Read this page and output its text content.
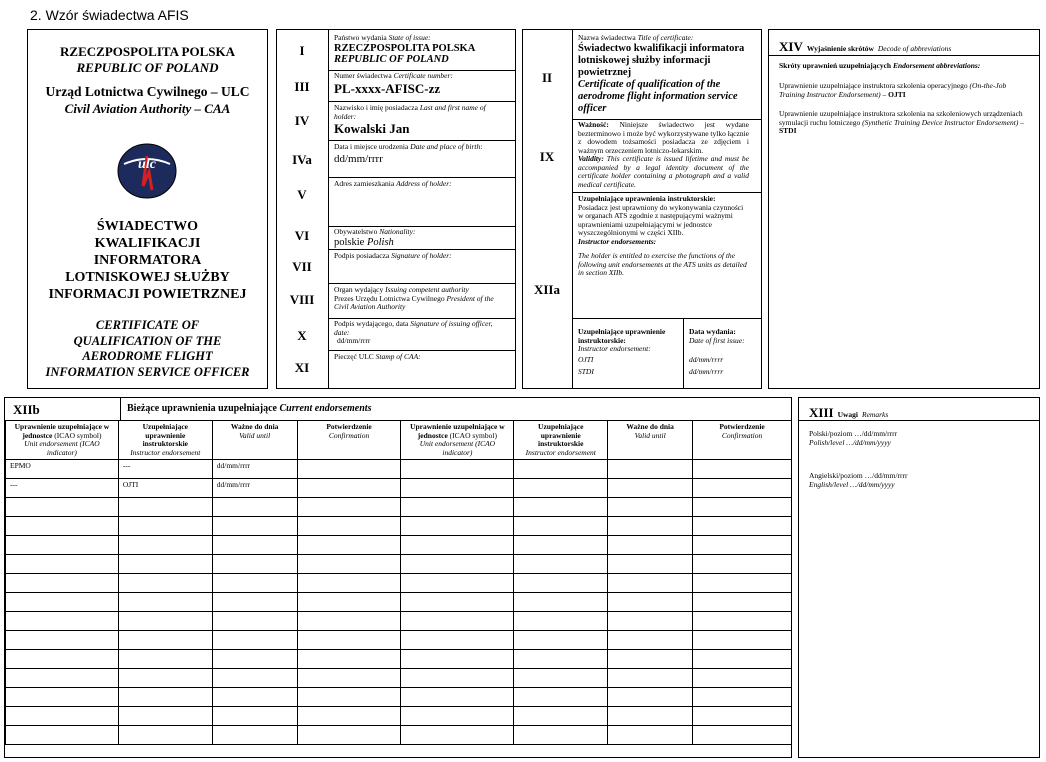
2. Wzór świadectwa AFIS
RZECZPOSPOLITA POLSKA
REPUBLIC OF POLAND
Urząd Lotnictwa Cywilnego – ULC
Civil Aviation Authority – CAA
ulc
ŚWIADECTWO
KWALIFIKACJI
INFORMATORA
LOTNISKOWEJ SŁUŻBY
INFORMACJI POWIETRZNEJ
CERTIFICATE OF
QUALIFICATION OF THE
AERODROME FLIGHT
INFORMATION SERVICE OFFICER
I
Państwo wydania State of issue:
RZECZPOSPOLITA POLSKA
REPUBLIC OF POLAND
III
Numer świadectwa Certificate number:
PL-xxxx-AFISC-zz
IV
Nazwisko i imię posiadacza Last and first name of holder:
Kowalski Jan
IVa
Data i miejsce urodzenia Date and place of birth:
dd/mm/rrrr
V
Adres zamieszkania Address of holder:
VI	Obywatelstwo Nationality:
polskie Polish
VII
Podpis posiadacza Signature of holder:
VIII
Organ wydający Issuing competent authority
Prezes Urzędu Lotnictwa Cywilnego President of the Civil Aviation Authority
X
Podpis wydającego, data Signature of issuing officer, date:
dd/mm/rrrr
XI
Pieczęć ULC Stamp of CAA:
II
Nazwa świadectwa Title of certificate:
Świadectwo kwalifikacji informatora lotniskowej służby informacji powietrznej
Certificate of qualification of the aerodrome flight information service officer
IX
Ważność: Niniejsze świadectwo jest wydane bezterminowo i może być wykorzystywane tylko łącznie z dowodem tożsamości posiadacza ze zdjęciem i ważnym orzeczeniem lotniczo-lekarskim.
Validity: This certificate is issued lifetime and must be accompanied by a legal identity document of the certificate holder containing a photograph and a valid medical certificate.
XIIa
Uzupełniające uprawnienia instruktorskie:
Posiadacz jest uprawniony do wykonywania czynności w organach ATS zgodnie z następującymi ważnymi uprawnieniami uzupełniającymi w jednostce wyszczególnionymi w części XIIb.
Instructor endorsements:
The holder is entitled to exercise the functions of the following unit endorsements at the ATS units as detailed in section XIIb.
Uzupełniające uprawnienie instruktorskie:
Instructor endorsement:
Data wydania:
Date of first issue:
OJTI	dd/mm/rrrr
STDI	dd/mm/rrrr
XIV Wyjaśnienie skrótów Decode of abbreviations
Skróty uprawnień uzupełniających Endorsement abbreviations:
Uprawnienie uzupełniające instruktora szkolenia operacyjnego (On-the-Job Training Instructor Endorsement) – OJTI
Uprawnienie uzupełniające instruktora szkolenia na szkoleniowych urządzeniach symulacji ruchu lotniczego (Synthetic Training Device Instructor Endorsement) – STDI
XIIb	Bieżące uprawnienia uzupełniające Current endorsements
Uprawnienie uzupełniające w jednostce (ICAO symbol)
Unit endorsement (ICAO indicator)	Uzupełniające uprawnienie instruktorskie
Instructor endorsement	Ważne do dnia
Valid until	Potwierdzenie
Confirmation	Uprawnienie uzupełniające w jednostce (ICAO symbol)
Unit endorsement (ICAO indicator)	Uzupełniające uprawnienie instruktorskie
Instructor endorsement	Ważne do dnia
Valid until	Potwierdzenie
Confirmation

EPMO	---	dd/mm/rrrr					
---	OJTI	dd/mm/rrrr					

XIII Uwagi Remarks
Polski/poziom …/dd/mm/rrrr
Polish/level …/dd/mm/yyyy
Angielski/poziom …/dd/mm/rrrr
English/level …/dd/mm/yyyy
